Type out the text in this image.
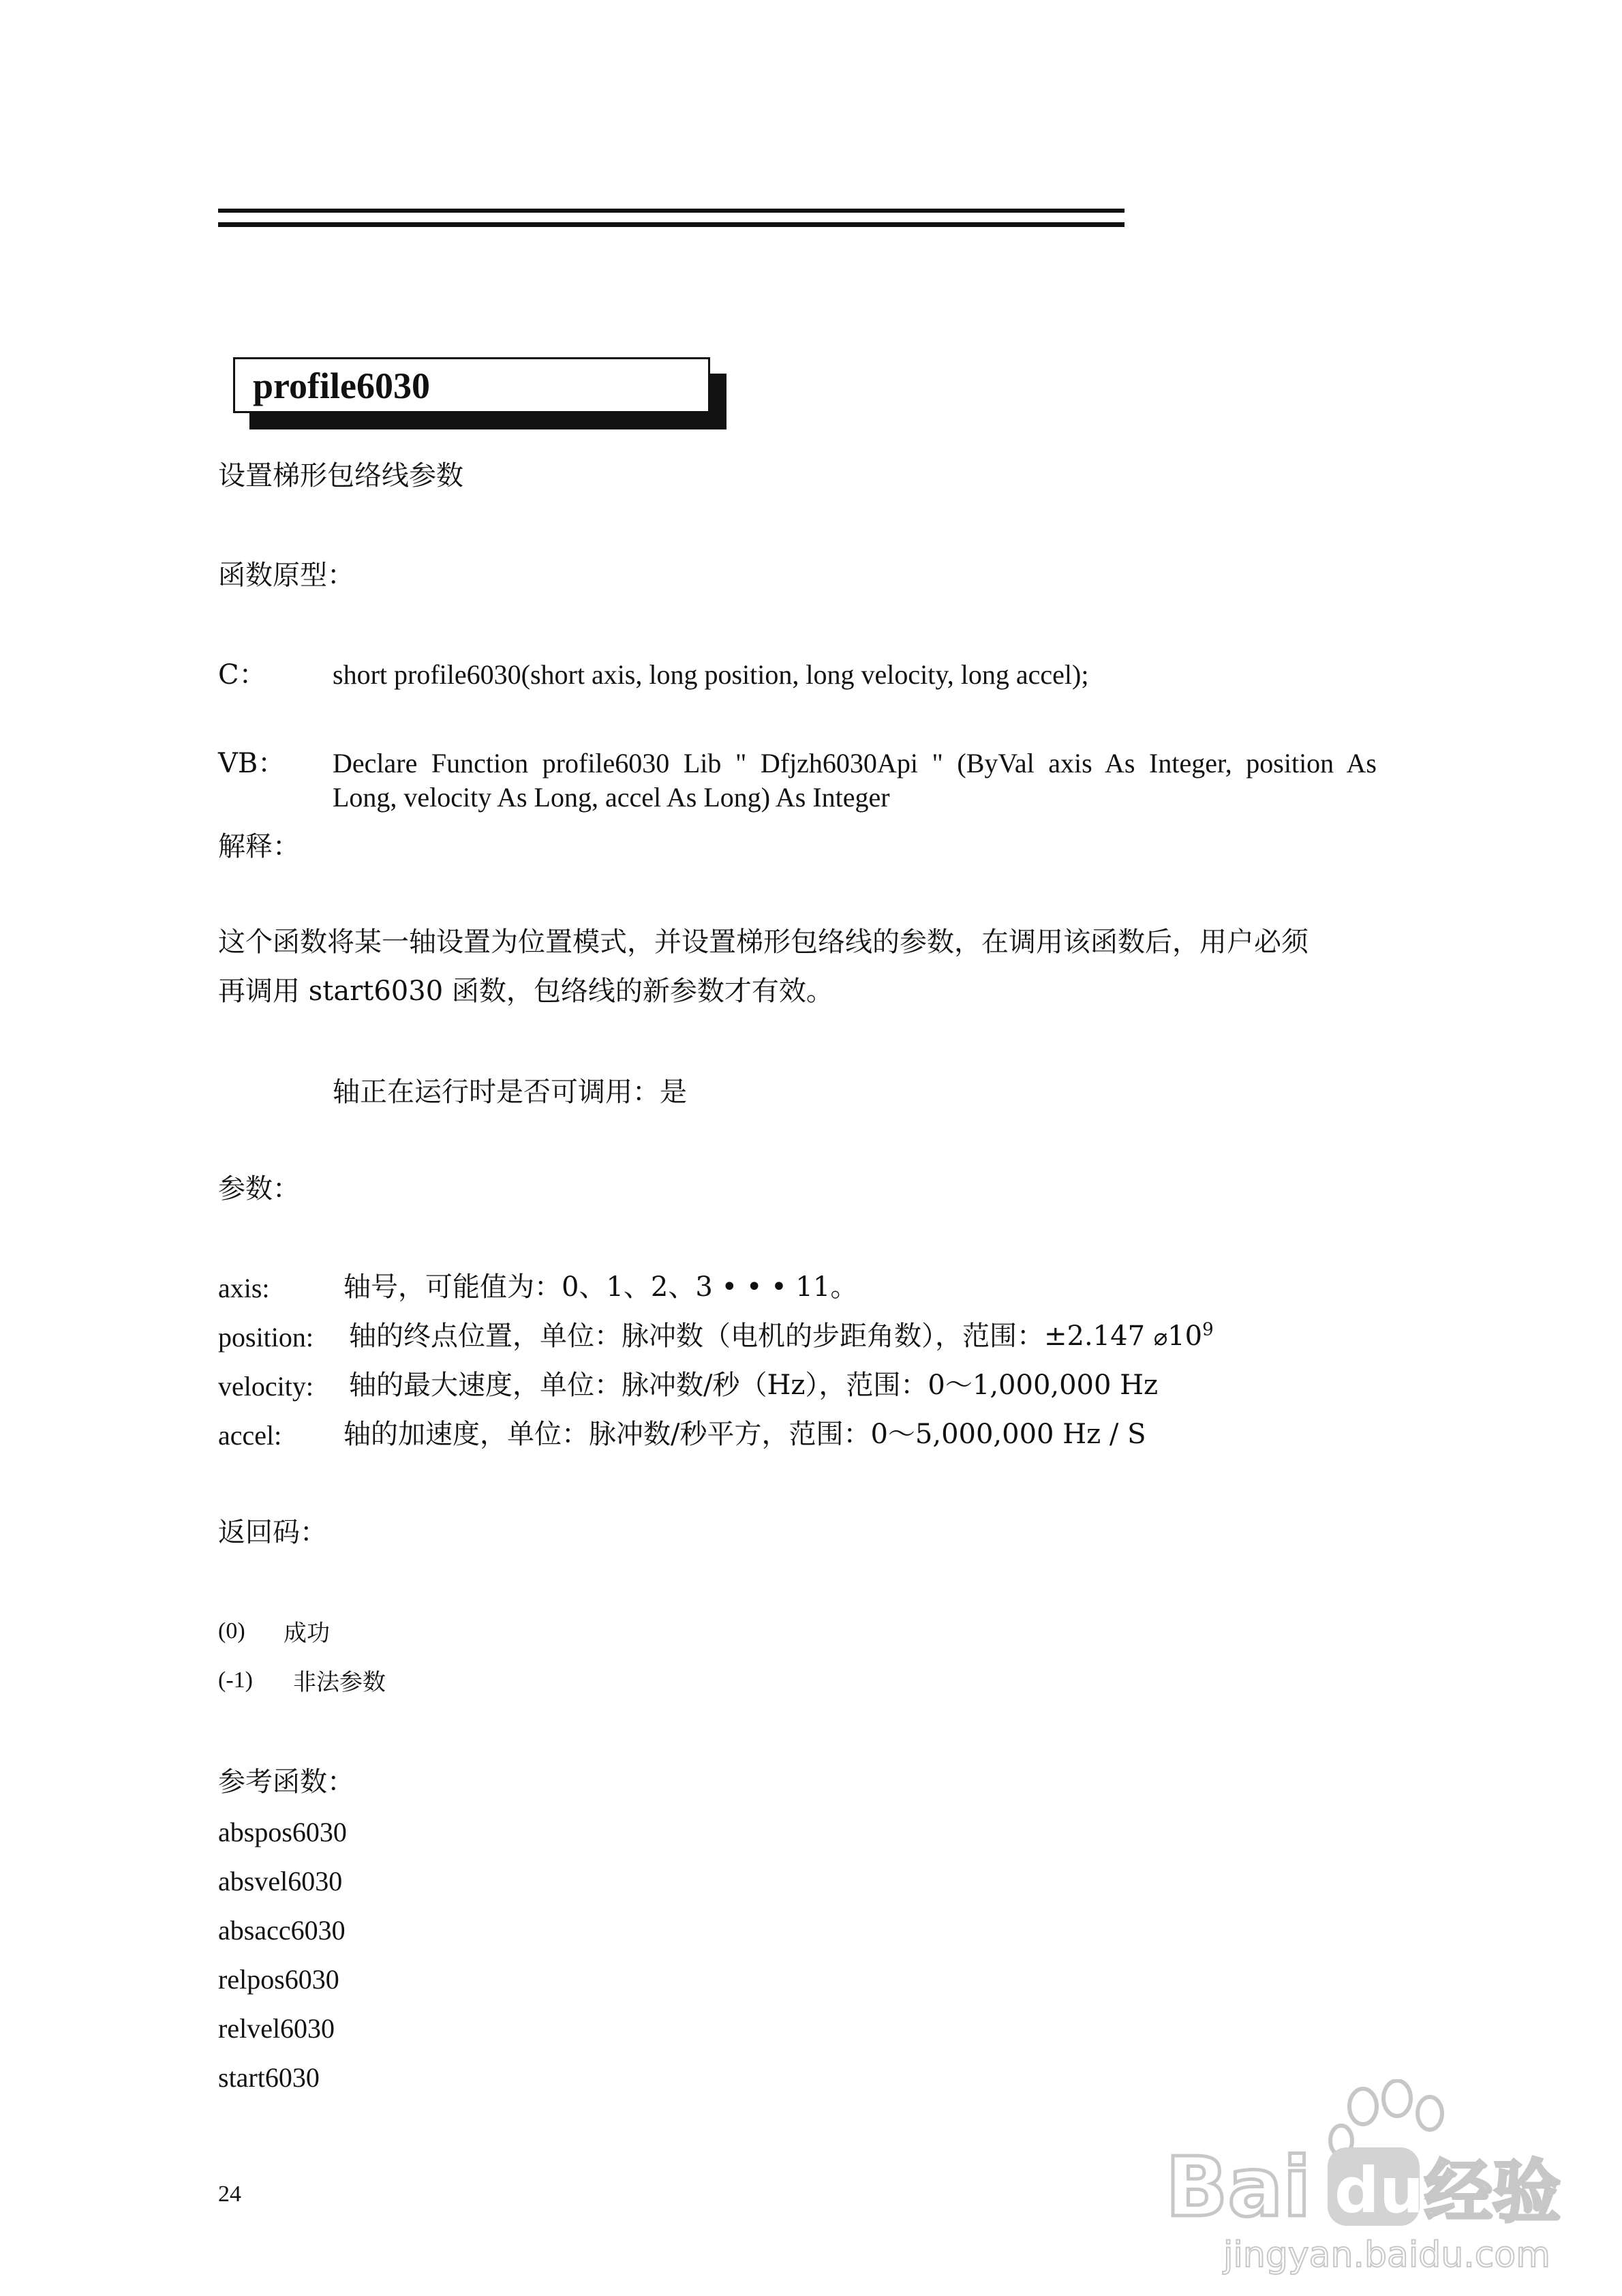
profile6030
设置梯形包络线参数
函数原型：
C： short profile6030(short axis, long position, long velocity, long accel);
VB： Declare Function profile6030 Lib " Dfjzh6030Api " (ByVal axis As Integer, position As
Long, velocity As Long, accel As Long) As Integer
解释：
这个函数将某一轴设置为位置模式，并设置梯形包络线的参数，在调用该函数后，用户必须
再调用 start6030 函数，包络线的新参数才有效。
轴正在运行时是否可调用：是
参数：
axis:	轴号，可能值为：0、1、2、3 • • • 11。
position: 轴的终点位置，单位：脉冲数（电机的步距角数），范围：±2.147 $⌀10^9$
velocity: 轴的最大速度，单位：脉冲数/秒（Hz），范围：0～1,000,000 Hz
accel: 轴的加速度，单位：脉冲数/秒平方，范围：0～5,000,000 Hz / S
返回码：
(0) 成功
(-1) 非法参数
参考函数：
abspos6030
absvel6030
absacc6030
relpos6030
relvel6030
start6030
24	Bai du 经验
jingyan.baidu.com
